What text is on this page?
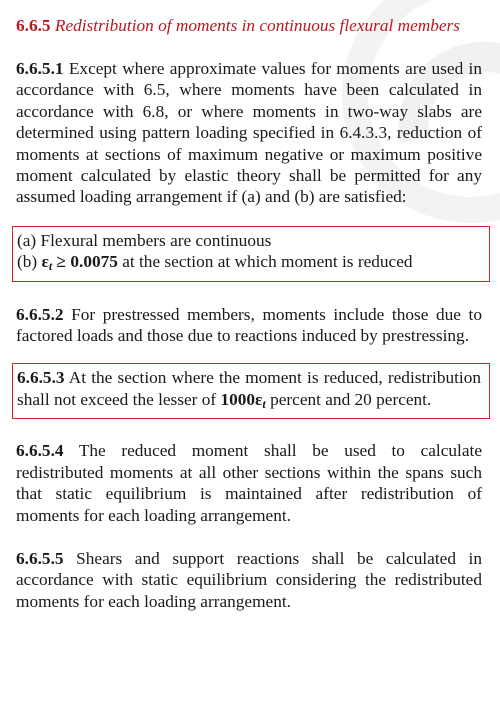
6.6.5 Redistribution of moments in continuous flexural members

6.6.5.1 Except where approximate values for moments are used in accordance with 6.5, where moments have been calculated in accordance with 6.8, or where moments in two-way slabs are determined using pattern loading specified in 6.4.3.3, reduction of moments at sections of maximum negative or maximum positive moment calculated by elastic theory shall be permitted for any assumed loading arrangement if (a) and (b) are satisfied:

(a) Flexural members are continuous

(b) $\varepsilon_t \ge 0.0075$ at the section at which moment is reduced

6.6.5.2 For prestressed members, moments include those due to factored loads and those due to reactions induced by prestressing.

6.6.5.3 At the section where the moment is reduced, redistribution shall not exceed the lesser of $1000\varepsilon_t$ percent and 20 percent.

6.6.5.4 The reduced moment shall be used to calculate redistributed moments at all other sections within the spans such that static equilibrium is maintained after redistribution of moments for each loading arrangement.

6.6.5.5 Shears and support reactions shall be calculated in accordance with static equilibrium considering the redistributed moments for each loading arrangement.
